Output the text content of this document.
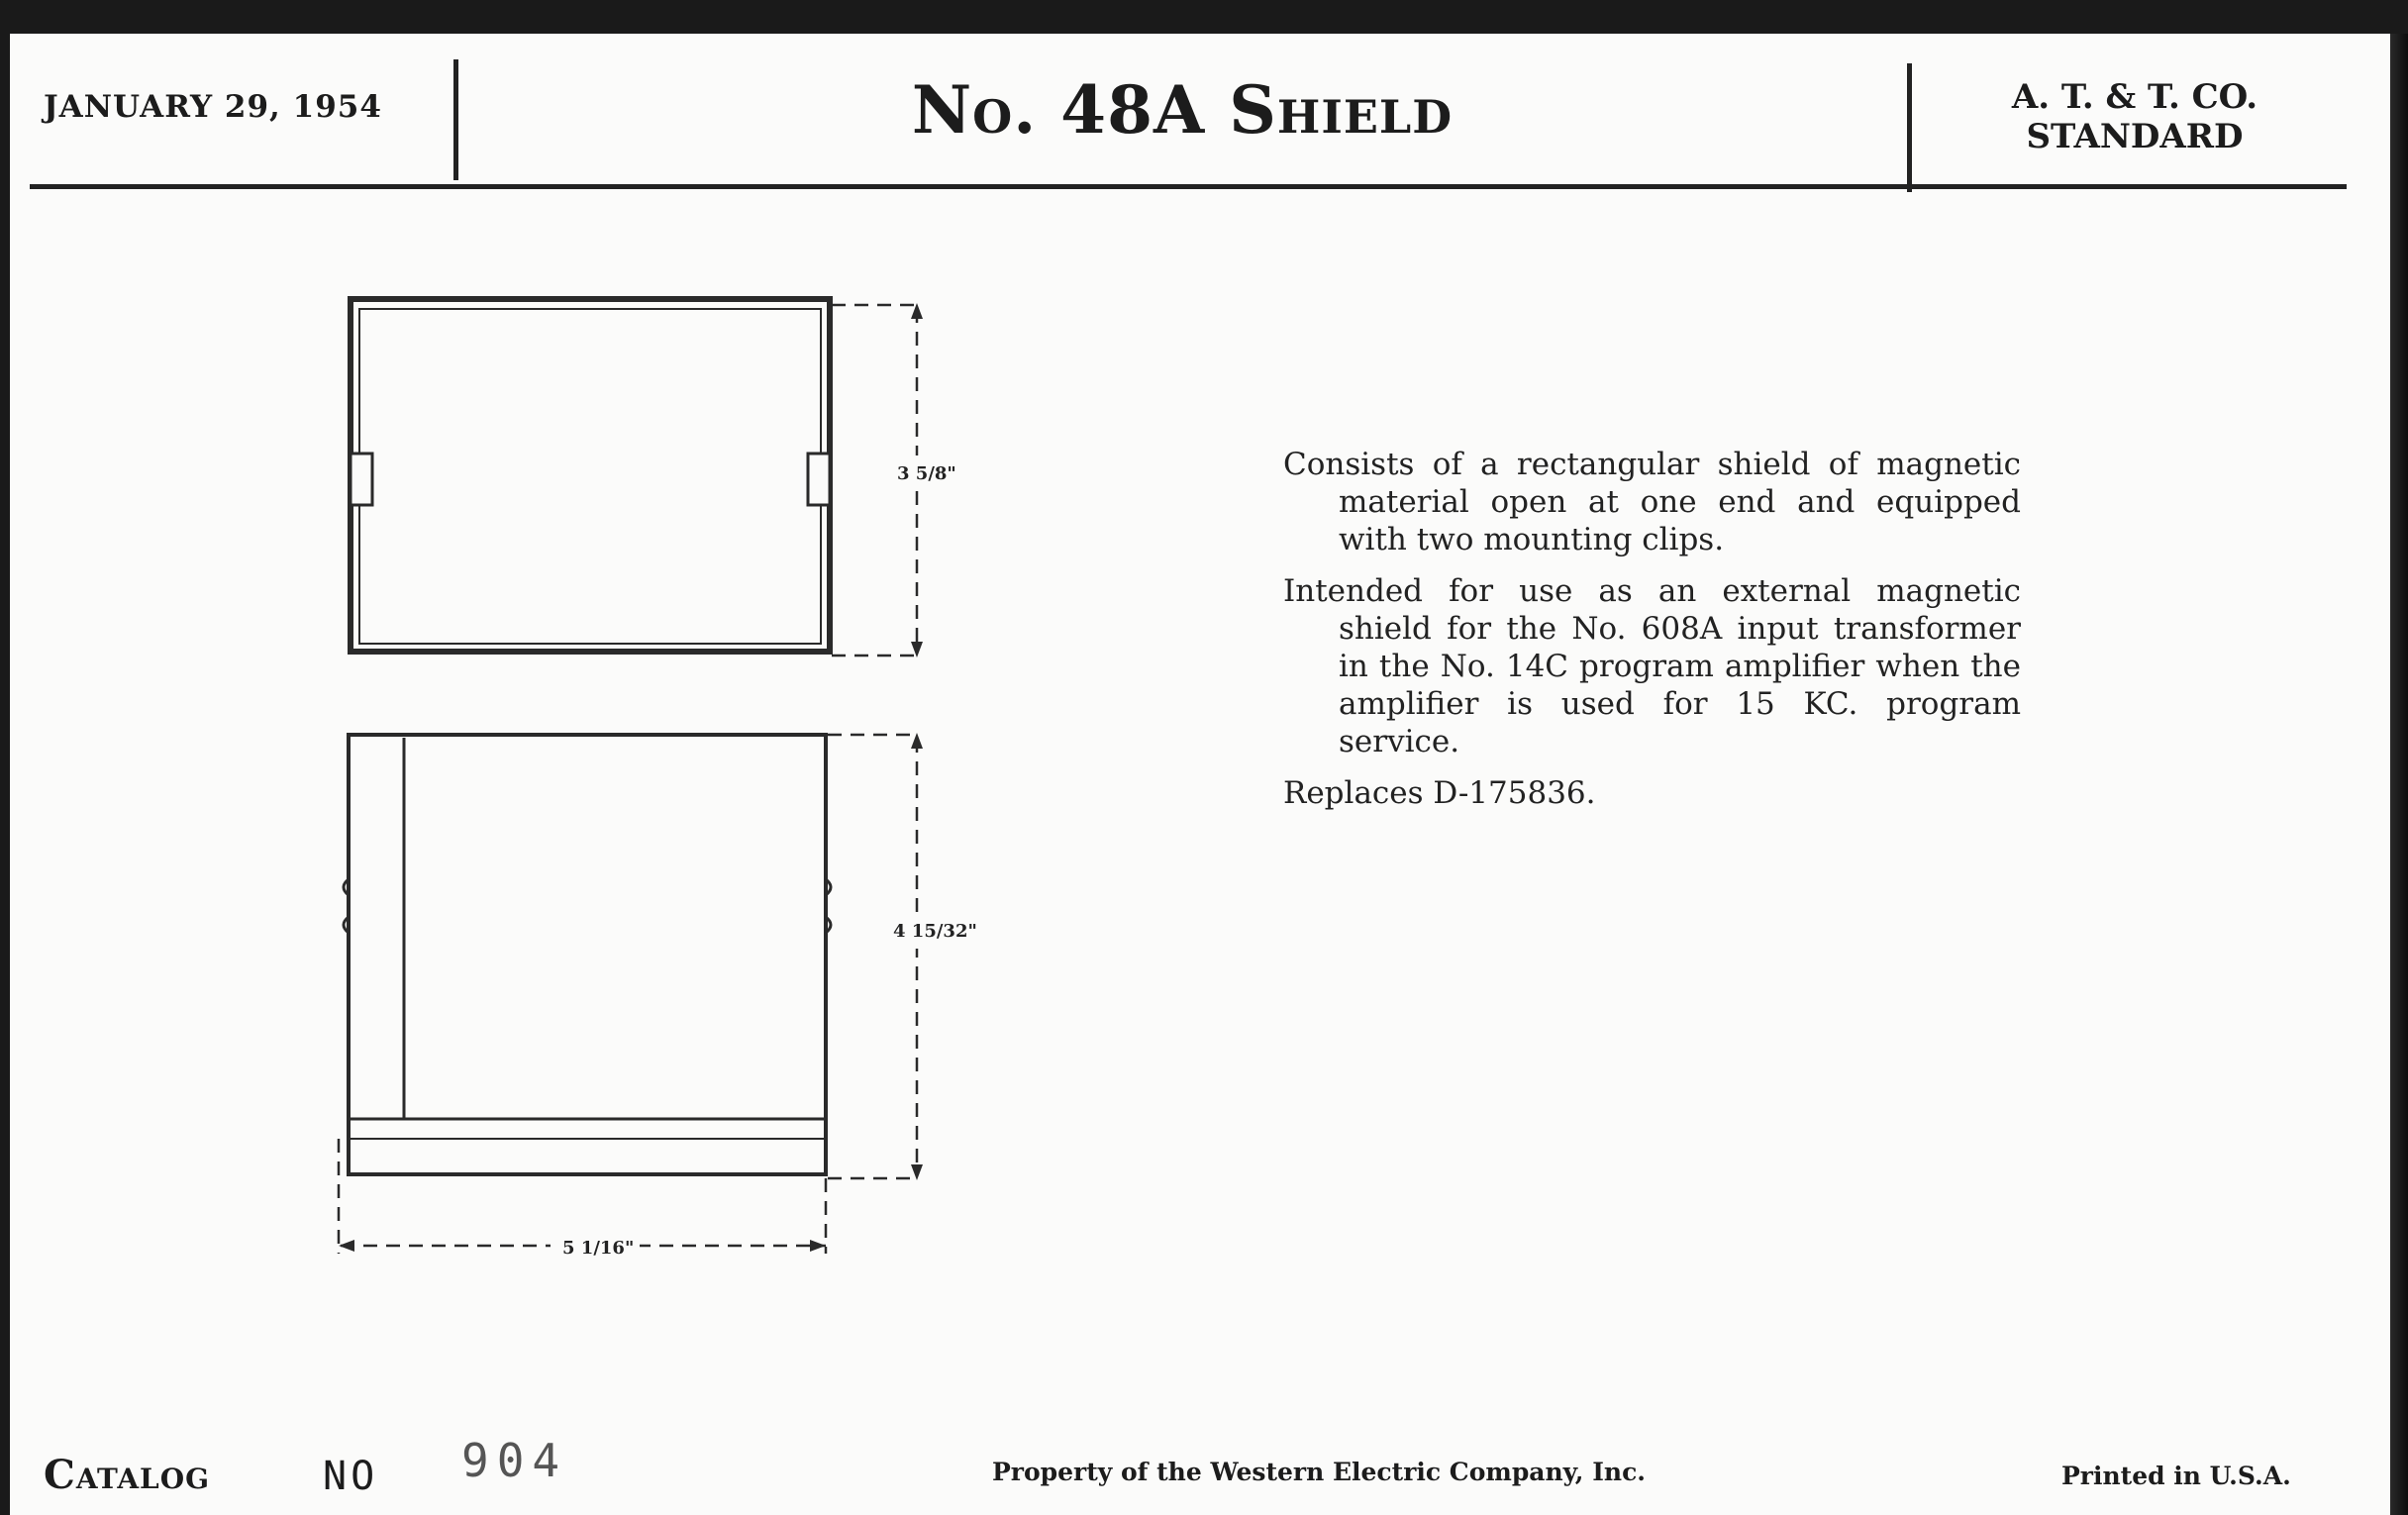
JANUARY 29, 1954	No. 48A Shield	A. T. & T. CO.
STANDARD
3 5/8"
4 15/32"
5 1/16"

Consists of a rectangular shield of magnetic material open at one end and equipped with two mounting clips.

Intended for use as an external magnetic shield for the No. 608A input transformer in the No. 14C program amplifier when the amplifier is used for 15 KC. program service.

Replaces D-175836.

Catalog	NO 904	Property of the Western Electric Company, Inc.	Printed in U.S.A.
